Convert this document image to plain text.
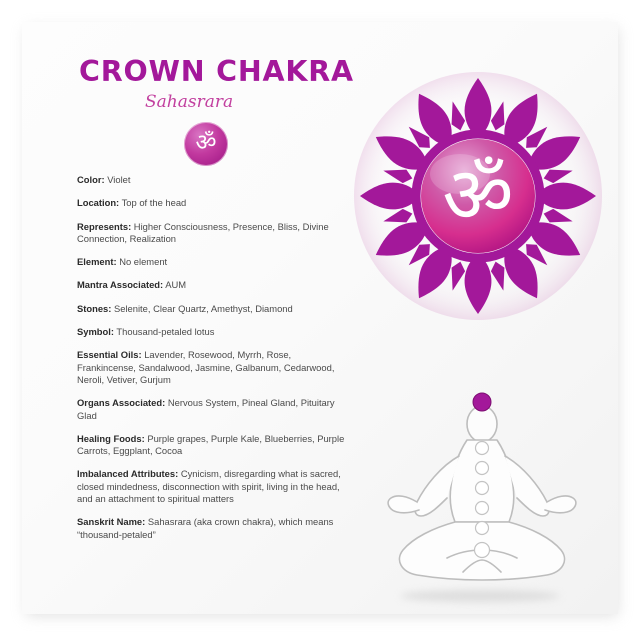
CROWN CHAKRA
Sahasrara
ॐ
Color: Violet
Location: Top of the head
Represents: Higher Consciousness, Presence, Bliss, Divine Connection, Realization
Element: No element
Mantra Associated: AUM
Stones: Selenite, Clear Quartz, Amethyst, Diamond
Symbol: Thousand-petaled lotus
Essential Oils: Lavender, Rosewood, Myrrh, Rose, Frankincense, Sandalwood, Jasmine, Galbanum, Cedarwood, Neroli, Vetiver, Gurjum
Organs Associated: Nervous System, Pineal Gland, Pituitary Glad
Healing Foods: Purple grapes, Purple Kale, Blueberries, Purple Carrots, Eggplant, Cocoa
Imbalanced Attributes: Cynicism, disregarding what is sacred, closed mindedness, disconnection with spirit, living in the head, and an attachment to spiritual matters
Sanskrit Name: Sahasrara (aka crown chakra), which means “thousand-petaled”
ॐ
